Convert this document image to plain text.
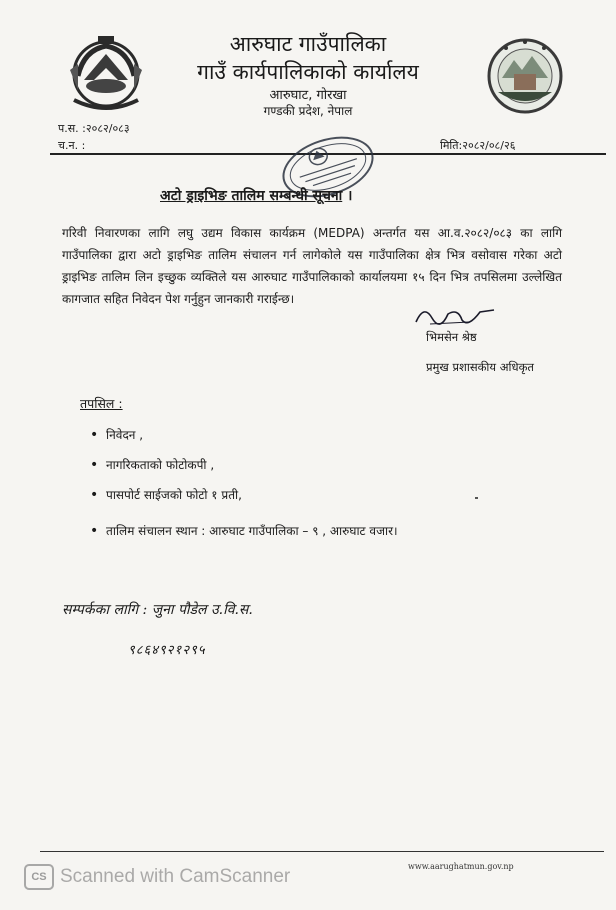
आरुघाट गाउँपालिका
गाउँ कार्यपालिकाको कार्यालय
आरुघाट, गोरखा
गण्डकी प्रदेश, नेपाल
प.स. :२०८२/०८३
च.न. :	मिति:२०८२/०८/२६
अटो ड्राइभिङ तालिम सम्बन्धी सूचना ।
गरिवी निवारणका लागि लघु उद्यम विकास कार्यक्रम (MEDPA) अन्तर्गत यस आ.व.२०८२/०८३ का लागि गाउँपालिका द्वारा अटो ड्राइभिङ तालिम संचालन गर्न लागेकोले यस गाउँपालिका क्षेत्र भित्र वसोवास गरेका अटो ड्राइभिङ तालिम लिन इच्छुक व्यक्तिले यस आरुघाट गाउँपालिकाको कार्यालयमा १५ दिन भित्र तपसिलमा उल्लेखित कागजात सहित निवेदन पेश गर्नुहुन जानकारी गराईन्छ।
भिमसेन श्रेष्ठ
प्रमुख प्रशासकीय अधिकृत
तपसिल :
• निवेदन ,
• नागरिकताको फोटोकपी ,
• पासपोर्ट साईजको फोटो १ प्रती,
• तालिम संचालन स्थान : आरुघाट गाउँपालिका – ९ , आरुघाट वजार।
सम्पर्कका लागि : जुना पौडेल उ.वि.स.
९८६४९२१२९५
www.aarughatmun.gov.np
CS Scanned with CamScanner
